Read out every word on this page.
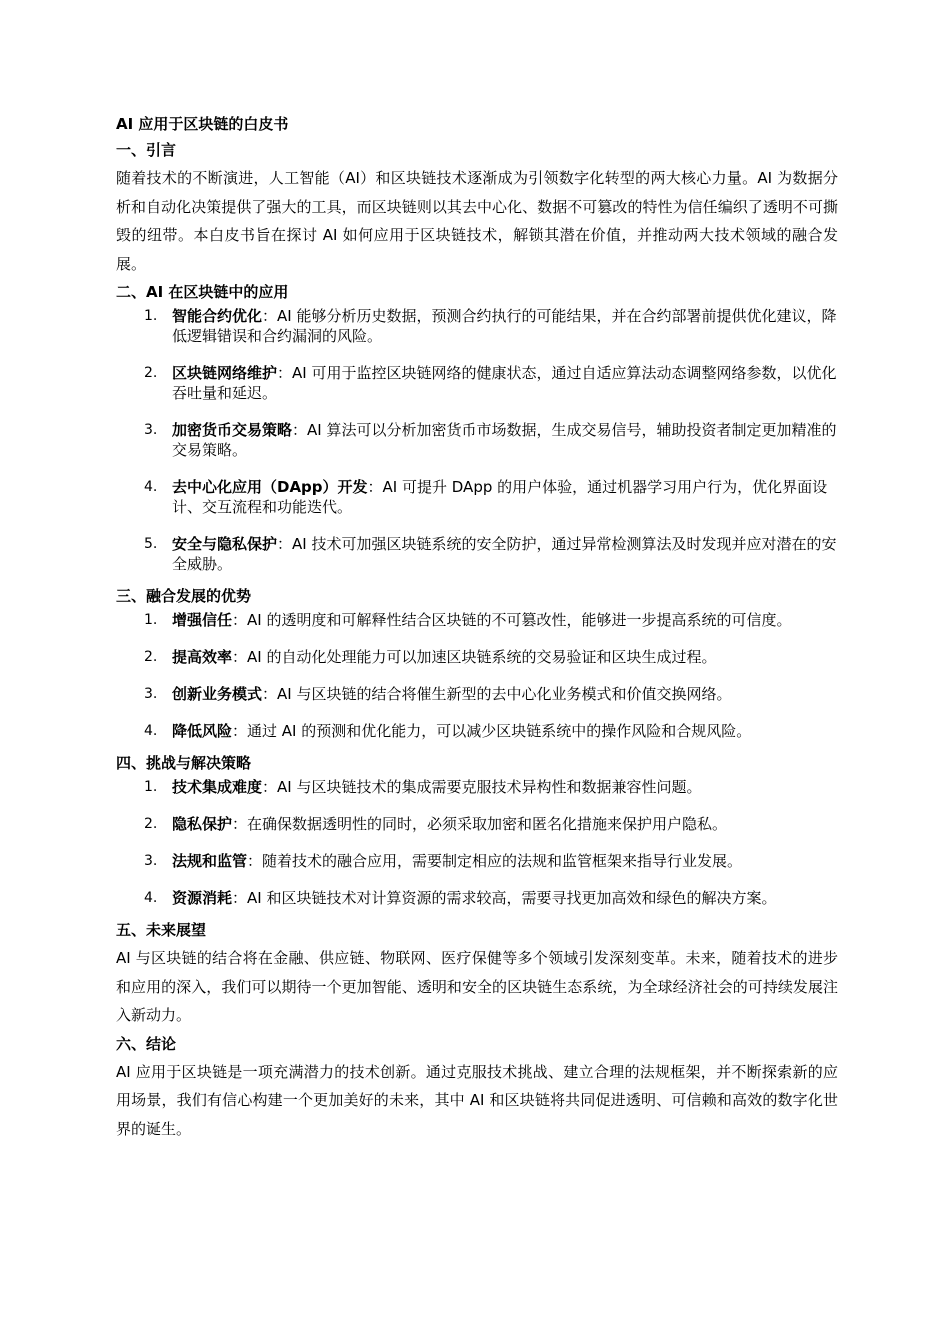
AI 应用于区块链的白皮书
一、引言

随着技术的不断演进，人工智能（AI）和区块链技术逐渐成为引领数字化转型的两大核心力量。AI 为数据分析和自动化决策提供了强大的工具，而区块链则以其去中心化、数据不可篡改的特性为信任编织了透明不可撕毁的纽带。本白皮书旨在探讨 AI 如何应用于区块链技术，解锁其潜在价值，并推动两大技术领域的融合发展。

二、AI 在区块链中的应用
1. 智能合约优化：AI 能够分析历史数据，预测合约执行的可能结果，并在合约部署前提供优化建议，降低逻辑错误和合约漏洞的风险。
2. 区块链网络维护：AI 可用于监控区块链网络的健康状态，通过自适应算法动态调整网络参数，以优化吞吐量和延迟。
3. 加密货币交易策略：AI 算法可以分析加密货币市场数据，生成交易信号，辅助投资者制定更加精准的交易策略。
4. 去中心化应用（DApp）开发：AI 可提升 DApp 的用户体验，通过机器学习用户行为，优化界面设计、交互流程和功能迭代。
5. 安全与隐私保护：AI 技术可加强区块链系统的安全防护，通过异常检测算法及时发现并应对潜在的安全威胁。
三、融合发展的优势
1. 增强信任：AI 的透明度和可解释性结合区块链的不可篡改性，能够进一步提高系统的可信度。
2. 提高效率：AI 的自动化处理能力可以加速区块链系统的交易验证和区块生成过程。
3. 创新业务模式：AI 与区块链的结合将催生新型的去中心化业务模式和价值交换网络。
4. 降低风险：通过 AI 的预测和优化能力，可以减少区块链系统中的操作风险和合规风险。
四、挑战与解决策略
1. 技术集成难度：AI 与区块链技术的集成需要克服技术异构性和数据兼容性问题。
2. 隐私保护：在确保数据透明性的同时，必须采取加密和匿名化措施来保护用户隐私。
3. 法规和监管：随着技术的融合应用，需要制定相应的法规和监管框架来指导行业发展。
4. 资源消耗：AI 和区块链技术对计算资源的需求较高，需要寻找更加高效和绿色的解决方案。
五、未来展望

AI 与区块链的结合将在金融、供应链、物联网、医疗保健等多个领域引发深刻变革。未来，随着技术的进步和应用的深入，我们可以期待一个更加智能、透明和安全的区块链生态系统，为全球经济社会的可持续发展注入新动力。

六、结论

AI 应用于区块链是一项充满潜力的技术创新。通过克服技术挑战、建立合理的法规框架，并不断探索新的应用场景，我们有信心构建一个更加美好的未来，其中 AI 和区块链将共同促进透明、可信赖和高效的数字化世界的诞生。
